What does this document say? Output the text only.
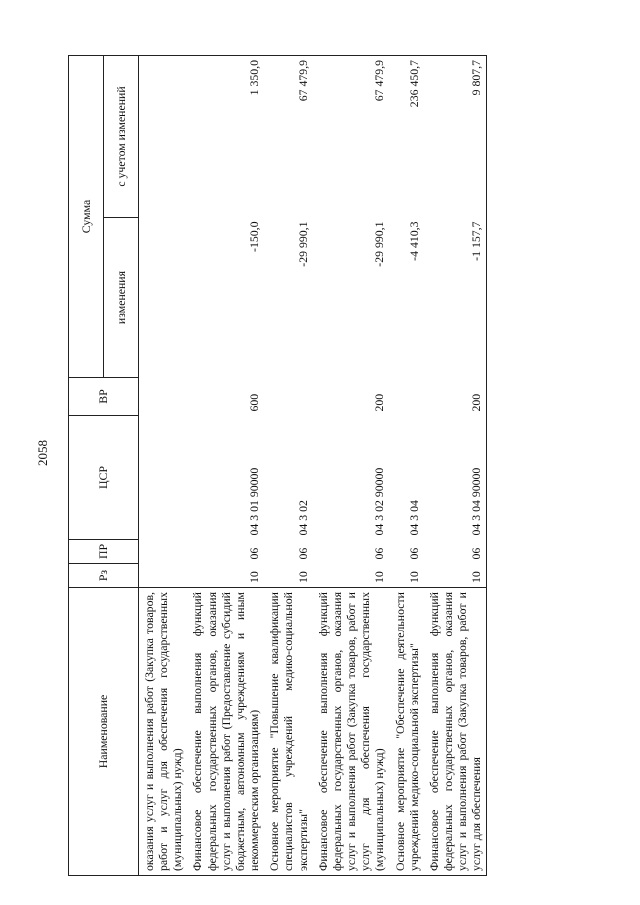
2058
Наименование	Рз	ПР	ЦСР	ВР	Сумма	
					изменения	с учетом изменений
оказания услуг и выполнения работ (Закупка товаров, работ и услуг для обеспечения государственных (муниципальных) нужд)						
Финансовое обеспечение выполнения функций федеральных государственных органов, оказания услуг и выполнения работ (Предоставление субсидий бюджетным, автономным учреждениям и иным некоммерческим организациям)	10	06	04 3 01 90000	600	-150,0	1 350,0
Основное мероприятие "Повышение квалификации специалистов учреждений медико-социальной экспертизы"	10	06	04 3 02		-29 990,1	67 479,9
Финансовое обеспечение выполнения функций федеральных государственных органов, оказания услуг и выполнения работ (Закупка товаров, работ и услуг для обеспечения государственных (муниципальных) нужд)	10	06	04 3 02 90000	200	-29 990,1	67 479,9
Основное мероприятие "Обеспечение деятельности учреждений медико-социальной экспертизы"	10	06	04 3 04		-4 410,3	236 450,7
Финансовое обеспечение выполнения функций федеральных государственных органов, оказания услуг и выполнения работ (Закупка товаров, работ и услуг для обеспечения	10	06	04 3 04 90000	200	-1 157,7	9 807,7
